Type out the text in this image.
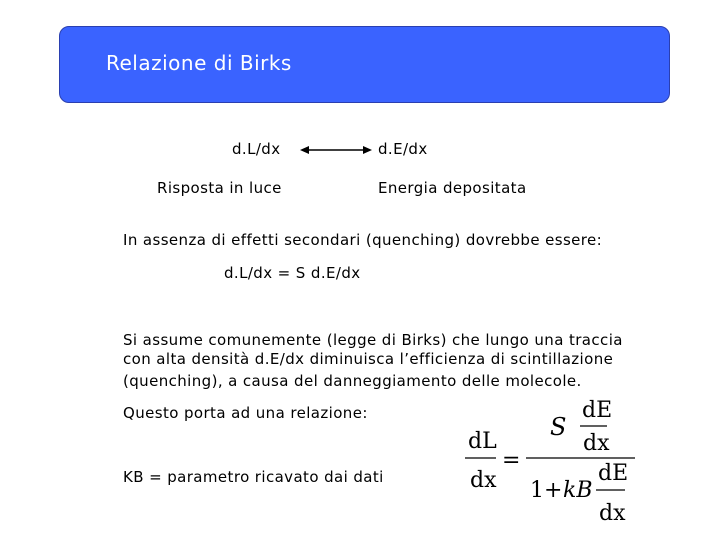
Relazione di Birks
d.L/dx	d.E/dx
Risposta in luce	Energia depositata
In assenza di effetti secondari (quenching) dovrebbe essere:
d.L/dx = S d.E/dx
Si assume comunemente (legge di Birks) che lungo una traccia
con alta densità d.E/dx diminuisca l’efficienza di scintillazione
(quenching), a causa del danneggiamento delle molecole.
Questo porta ad una relazione:
KB = parametro ricavato dai dati
dL
dx
=
S
dE
dx
1+ kB
dE
dx
